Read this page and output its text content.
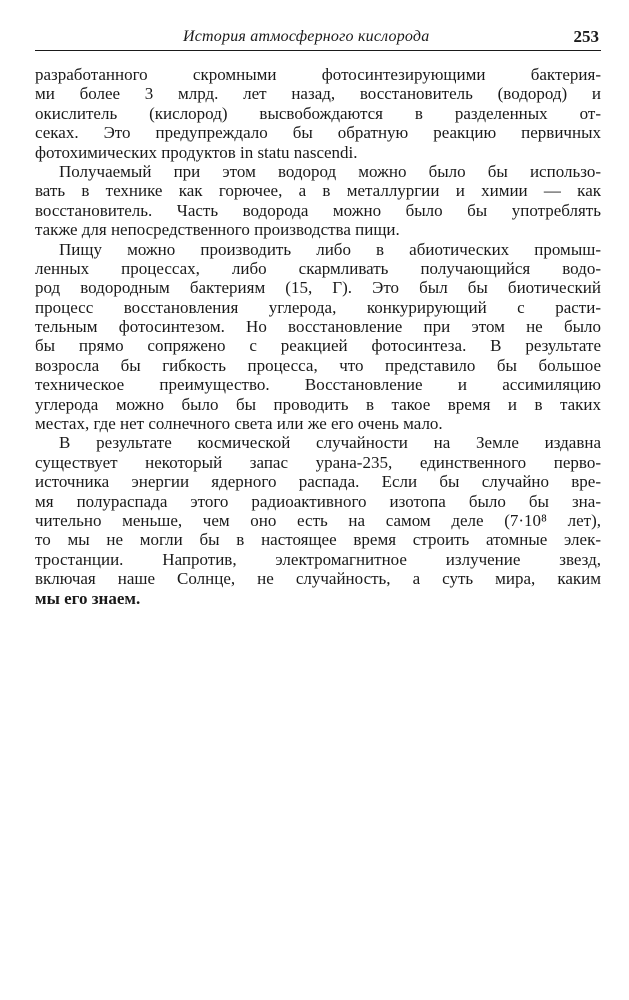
История атмосферного кислорода	253
разработанного скромными фотосинтезирующими бактерия-
ми более 3 млрд. лет назад, восстановитель (водород) и
окислитель (кислород) высвобождаются в разделенных от-
секах. Это предупреждало бы обратную реакцию первичных
фотохимических продуктов in statu nascendi.
Получаемый при этом водород можно было бы использо-
вать в технике как горючее, а в металлургии и химии — как
восстановитель. Часть водорода можно было бы употреблять
также для непосредственного производства пищи.
Пищу можно производить либо в абиотических промыш-
ленных процессах, либо скармливать получающийся водо-
род водородным бактериям (15, Г). Это был бы биотический
процесс восстановления углерода, конкурирующий с расти-
тельным фотосинтезом. Но восстановление при этом не было
бы прямо сопряжено с реакцией фотосинтеза. В результате
возросла бы гибкость процесса, что представило бы большое
техническое преимущество. Восстановление и ассимиляцию
углерода можно было бы проводить в такое время и в таких
местах, где нет солнечного света или же его очень мало.
В результате космической случайности на Земле издавна
существует некоторый запас урана-235, единственного перво-
источника энергии ядерного распада. Если бы случайно вре-
мя полураспада этого радиоактивного изотопа было бы зна-
чительно меньше, чем оно есть на самом деле (7·10⁸ лет),
то мы не могли бы в настоящее время строить атомные элек-
тростанции. Напротив, электромагнитное излучение звезд,
включая наше Солнце, не случайность, а суть мира, каким
мы его знаем.
